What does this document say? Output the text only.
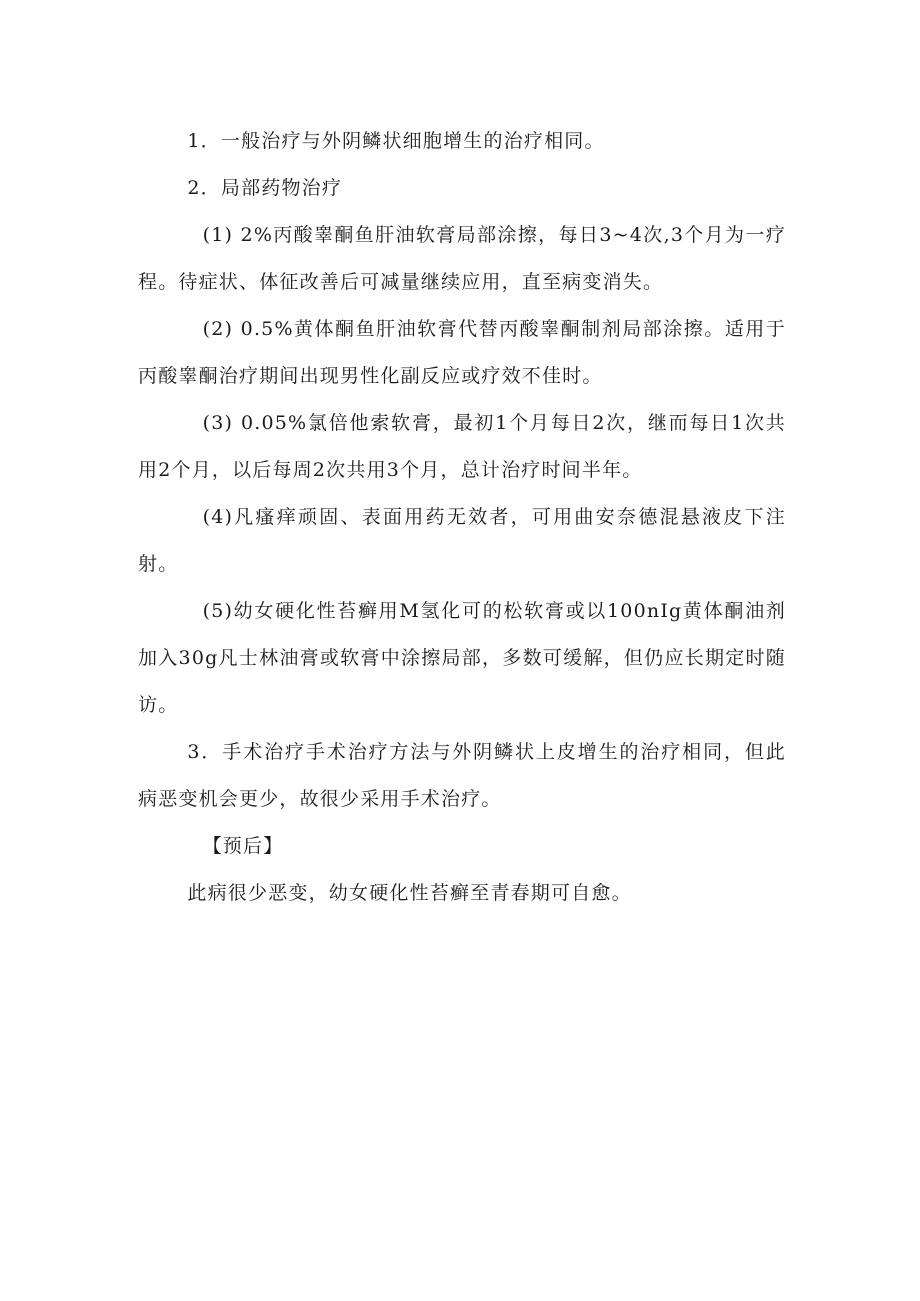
1．一般治疗与外阴鳞状细胞增生的治疗相同。

2．局部药物治疗

(1) 2%丙酸睾酮鱼肝油软膏局部涂擦，每日3~4次,3个月为一疗程。待症状、体征改善后可减量继续应用，直至病变消失。

(2) 0.5%黄体酮鱼肝油软膏代替丙酸睾酮制剂局部涂擦。适用于丙酸睾酮治疗期间出现男性化副反应或疗效不佳时。

(3) 0.05%氯倍他索软膏，最初1个月每日2次，继而每日1次共用2个月，以后每周2次共用3个月，总计治疗时间半年。

(4)凡瘙痒顽固、表面用药无效者，可用曲安奈德混悬液皮下注射。

(5)幼女硬化性苔癣用M氢化可的松软膏或以100nIg黄体酮油剂加入30g凡士林油膏或软膏中涂擦局部，多数可缓解，但仍应长期定时随访。

3．手术治疗手术治疗方法与外阴鳞状上皮增生的治疗相同，但此病恶变机会更少，故很少采用手术治疗。

【预后】

此病很少恶变，幼女硬化性苔癣至青春期可自愈。
